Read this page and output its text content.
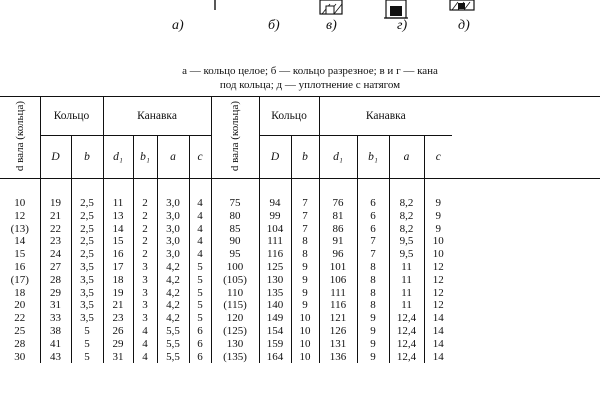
а)	б)	в)	г)	д)
а — кольцо целое; б — кольцо разрезное; в и г — кана
под кольца; д — уплотнение с натягом
d вала (кольца)	Кольцо		Канавка				d вала (кольца)	Кольцо		Канавка				
	D	b	d₁	b₁	a	c		D	b	d₁	b₁	a	c	

10	19	2,5	11	2	3,0	4	75	94	7	76	6	8,2	9	
12	21	2,5	13	2	3,0	4	80	99	7	81	6	8,2	9	
(13)	22	2,5	14	2	3,0	4	85	104	7	86	6	8,2	9	
14	23	2,5	15	2	3,0	4	90	111	8	91	7	9,5	10	
15	24	2,5	16	2	3,0	4	95	116	8	96	7	9,5	10	
16	27	3,5	17	3	4,2	5	100	125	9	101	8	11	12	
(17)	28	3,5	18	3	4,2	5	(105)	130	9	106	8	11	12	
18	29	3,5	19	3	4,2	5	110	135	9	111	8	11	12	
20	31	3,5	21	3	4,2	5	(115)	140	9	116	8	11	12	
22	33	3,5	23	3	4,2	5	120	149	10	121	9	12,4	14	
25	38	5	26	4	5,5	6	(125)	154	10	126	9	12,4	14	
28	41	5	29	4	5,5	6	130	159	10	131	9	12,4	14	
30	43	5	31	4	5,5	6	(135)	164	10	136	9	12,4	14	
